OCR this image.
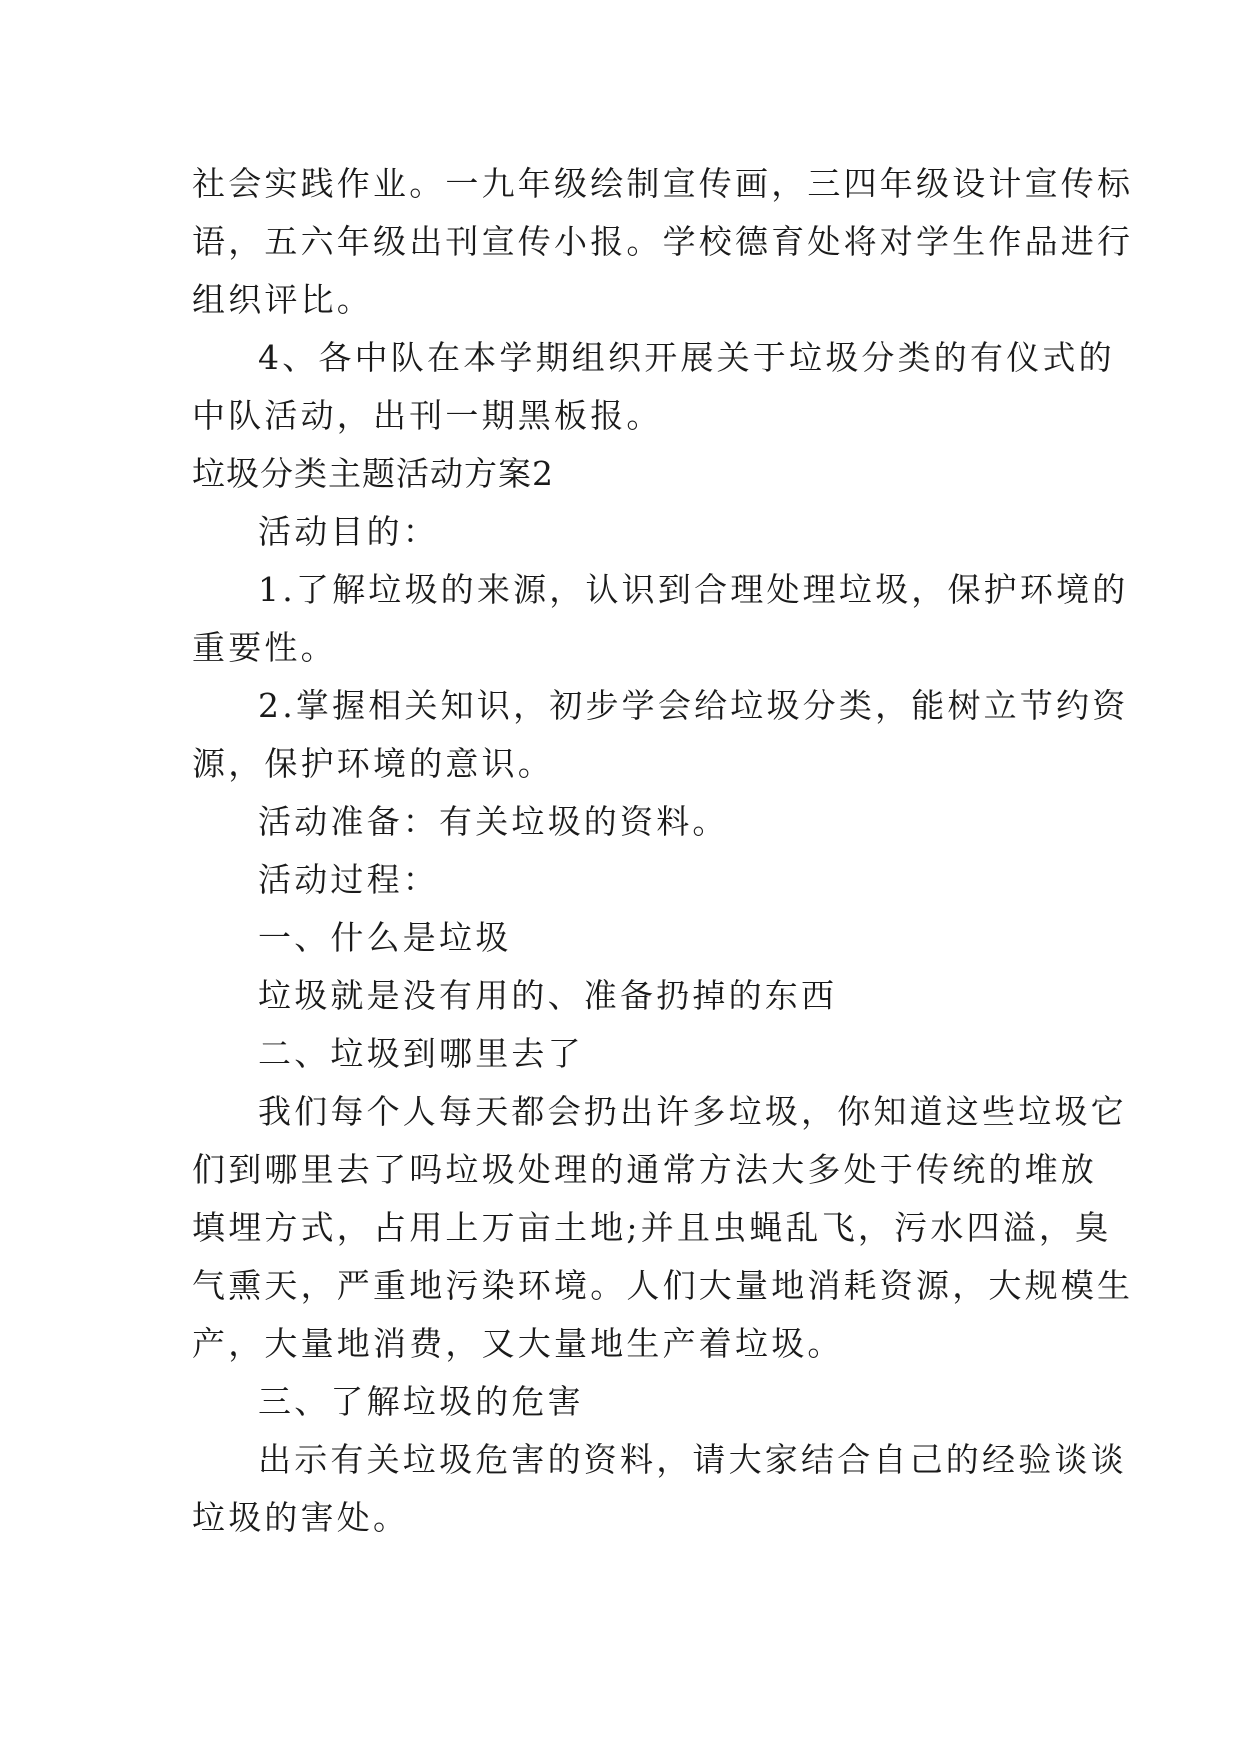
社会实践作业。一九年级绘制宣传画，三四年级设计宣传标
语，五六年级出刊宣传小报。学校德育处将对学生作品进行
组织评比。
4、各中队在本学期组织开展关于垃圾分类的有仪式的
中队活动，出刊一期黑板报。
垃圾分类主题活动方案2
活动目的：
1.了解垃圾的来源，认识到合理处理垃圾，保护环境的
重要性。
2.掌握相关知识，初步学会给垃圾分类，能树立节约资
源，保护环境的意识。
活动准备：有关垃圾的资料。
活动过程：
一、什么是垃圾
垃圾就是没有用的、准备扔掉的东西
二、垃圾到哪里去了
我们每个人每天都会扔出许多垃圾，你知道这些垃圾它
们到哪里去了吗垃圾处理的通常方法大多处于传统的堆放
填埋方式，占用上万亩土地;并且虫蝇乱飞，污水四溢，臭
气熏天，严重地污染环境。人们大量地消耗资源，大规模生
产，大量地消费，又大量地生产着垃圾。
三、了解垃圾的危害
出示有关垃圾危害的资料，请大家结合自己的经验谈谈
垃圾的害处。
